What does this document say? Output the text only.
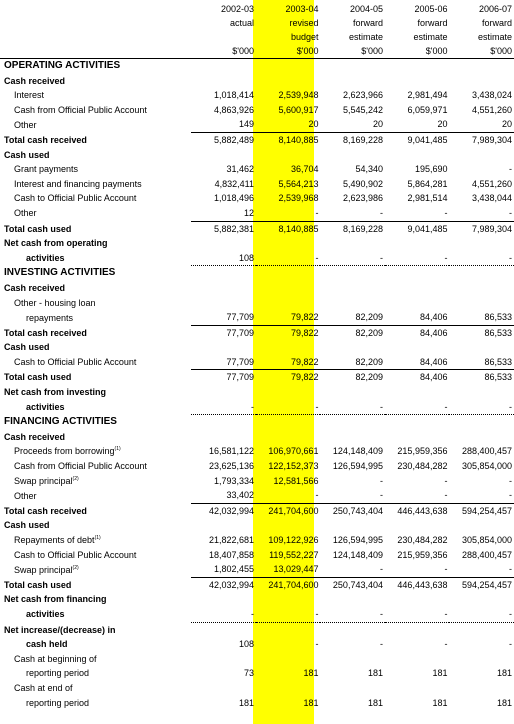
	2002-03	2003-04	2004-05	2005-06	2006-07
	actual	revised	forward	forward	forward
		budget	estimate	estimate	estimate
	$'000	$'000	$'000	$'000	$'000
OPERATING ACTIVITIES					
Cash received					
Interest	1,018,414	2,539,948	2,623,966	2,981,494	3,438,024
Cash from Official Public Account	4,863,926	5,600,917	5,545,242	6,059,971	4,551,260
Other	149	20	20	20	20
Total cash received	5,882,489	8,140,885	8,169,228	9,041,485	7,989,304
Cash used					
Grant payments	31,462	36,704	54,340	195,690	-
Interest and financing payments	4,832,411	5,564,213	5,490,902	5,864,281	4,551,260
Cash to Official Public Account	1,018,496	2,539,968	2,623,986	2,981,514	3,438,044
Other	12	-	-	-	-
Total cash used	5,882,381	8,140,885	8,169,228	9,041,485	7,989,304
Net cash from operating					
activities	108	-	-	-	-
INVESTING ACTIVITIES					
Cash received					
Other - housing loan					
repayments	77,709	79,822	82,209	84,406	86,533
Total cash received	77,709	79,822	82,209	84,406	86,533
Cash used					
Cash to Official Public Account	77,709	79,822	82,209	84,406	86,533
Total cash used	77,709	79,822	82,209	84,406	86,533
Net cash from investing					
activities	-	-	-	-	-
FINANCING ACTIVITIES					
Cash received					
Proceeds from borrowing$^{(1)}$	16,581,122	106,970,661	124,148,409	215,959,356	288,400,457
Cash from Official Public Account	23,625,136	122,152,373	126,594,995	230,484,282	305,854,000
Swap principal$^{(2)}$	1,793,334	12,581,566	-	-	-
Other	33,402	-	-	-	-
Total cash received	42,032,994	241,704,600	250,743,404	446,443,638	594,254,457
Cash used					
Repayments of debt$^{(1)}$	21,822,681	109,122,926	126,594,995	230,484,282	305,854,000
Cash to Official Public Account	18,407,858	119,552,227	124,148,409	215,959,356	288,400,457
Swap principal$^{(2)}$	1,802,455	13,029,447	-	-	-
Total cash used	42,032,994	241,704,600	250,743,404	446,443,638	594,254,457
Net cash from financing					
activities	-	-	-	-	-
Net increase/(decrease) in					
cash held	108	-	-	-	-
Cash at beginning of					
reporting period	73	181	181	181	181
Cash at end of					
reporting period	181	181	181	181	181
